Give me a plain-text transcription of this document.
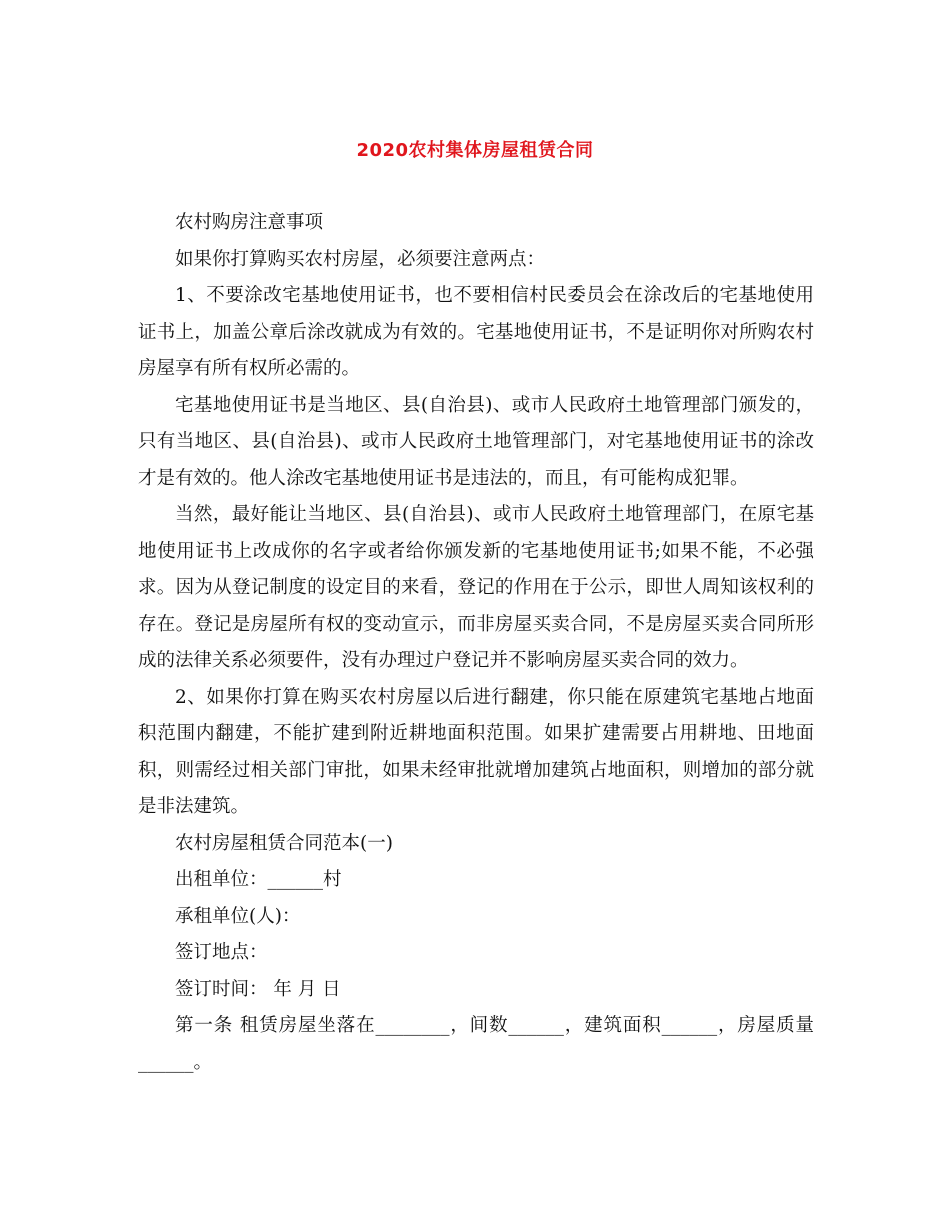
2020农村集体房屋租赁合同

农村购房注意事项

如果你打算购买农村房屋，必须要注意两点：

1、不要涂改宅基地使用证书，也不要相信村民委员会在涂改后的宅基地使用证书上，加盖公章后涂改就成为有效的。宅基地使用证书，不是证明你对所购农村房屋享有所有权所必需的。

宅基地使用证书是当地区、县(自治县)、或市人民政府土地管理部门颁发的，只有当地区、县(自治县)、或市人民政府土地管理部门，对宅基地使用证书的涂改才是有效的。他人涂改宅基地使用证书是违法的，而且，有可能构成犯罪。

当然，最好能让当地区、县(自治县)、或市人民政府土地管理部门，在原宅基地使用证书上改成你的名字或者给你颁发新的宅基地使用证书;如果不能，不必强求。因为从登记制度的设定目的来看，登记的作用在于公示，即世人周知该权利的存在。登记是房屋所有权的变动宣示，而非房屋买卖合同，不是房屋买卖合同所形成的法律关系必须要件，没有办理过户登记并不影响房屋买卖合同的效力。

2、如果你打算在购买农村房屋以后进行翻建，你只能在原建筑宅基地占地面积范围内翻建，不能扩建到附近耕地面积范围。如果扩建需要占用耕地、田地面积，则需经过相关部门审批，如果未经审批就增加建筑占地面积，则增加的部分就是非法建筑。

农村房屋租赁合同范本(一)

出租单位：______村

承租单位(人)：

签订地点：

签订时间： 年 月 日

第一条 租赁房屋坐落在________，间数______，建筑面积______，房屋质量______。
